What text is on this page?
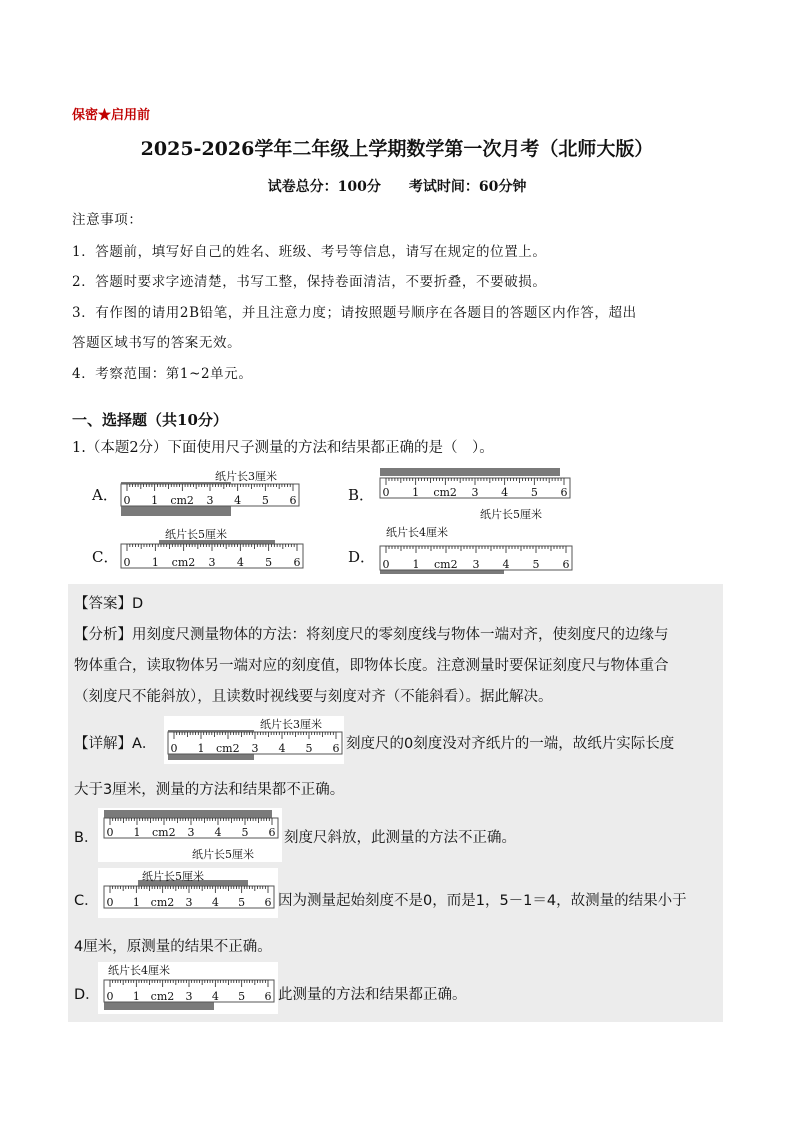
保密★启用前
2025-2026学年二年级上学期数学第一次月考（北师大版）
试卷总分：100分　　考试时间：60分钟
注意事项：
1．答题前，填写好自己的姓名、班级、考号等信息，请写在规定的位置上。
2．答题时要求字迹清楚，书写工整，保持卷面清洁，不要折叠，不要破损。
3．有作图的请用2B铅笔，并且注意力度；请按照题号顺序在各题目的答题区内作答，超出
答题区域书写的答案无效。
4．考察范围：第1~2单元。
一、选择题（共10分）
1.（本题2分）下面使用尺子测量的方法和结果都正确的是（　）。
A．	B．
C．	D．
0 1 cm2 3 4 5 6
纸片长3厘米
0 1 cm2 3 4 5 6
纸片长5厘米
0 1 cm2 3 4 5 6
纸片长5厘米
0 1 cm2 3 4 5 6
纸片长4厘米
【答案】D
【分析】用刻度尺测量物体的方法：将刻度尺的零刻度线与物体一端对齐，使刻度尺的边缘与
物体重合，读取物体另一端对应的刻度值，即物体长度。注意测量时要保证刻度尺与物体重合
（刻度尺不能斜放），且读数时视线要与刻度对齐（不能斜看）。据此解决。
【详解】A． 0 1 cm2 3 4 5 6
纸片长3厘米
刻度尺的0刻度没对齐纸片的一端，故纸片实际长度
大于3厘米，测量的方法和结果都不正确。
B． 0 1 cm2 3 4 5 6
纸片长5厘米
刻度尺斜放，此测量的方法不正确。
C． 0 1 cm2 3 4 5 6
纸片长5厘米
因为测量起始刻度不是0，而是1，5－1＝4，故测量的结果小于
4厘米，原测量的结果不正确。
D． 0 1 cm2 3 4 5 6
纸片长4厘米
此测量的方法和结果都正确。
